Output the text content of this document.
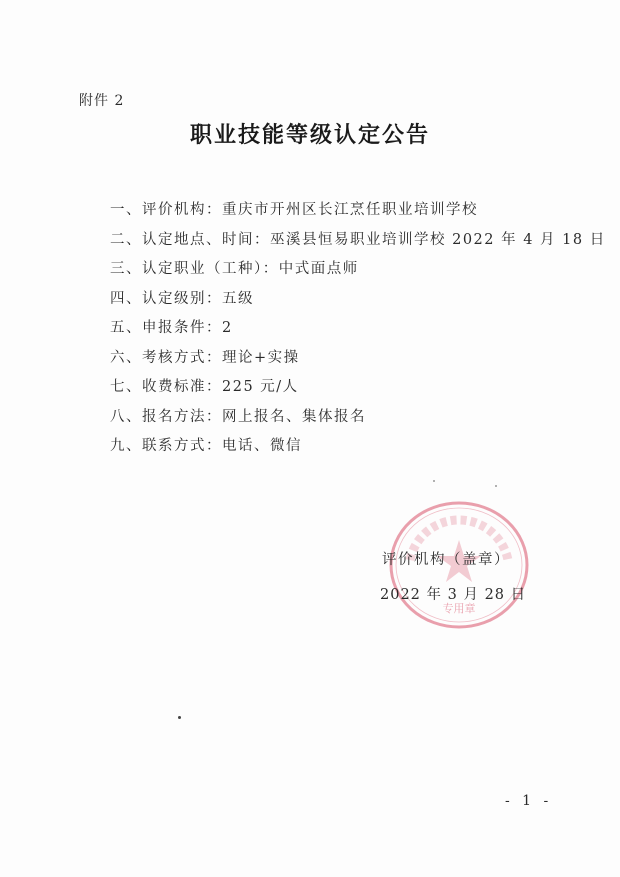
附件 2
职业技能等级认定公告
一、评价机构：重庆市开州区长江烹任职业培训学校
二、认定地点、时间：巫溪县恒易职业培训学校 2022 年 4 月 18 日
三、认定职业（工种）：中式面点师
四、认定级别：五级
五、申报条件：2
六、考核方式：理论+实操
七、收费标准：225 元/人
八、报名方法：网上报名、集体报名
九、联系方式：电话、微信
专用章
评价机构（盖章）
2022 年 3 月 28 日
- 1 -
